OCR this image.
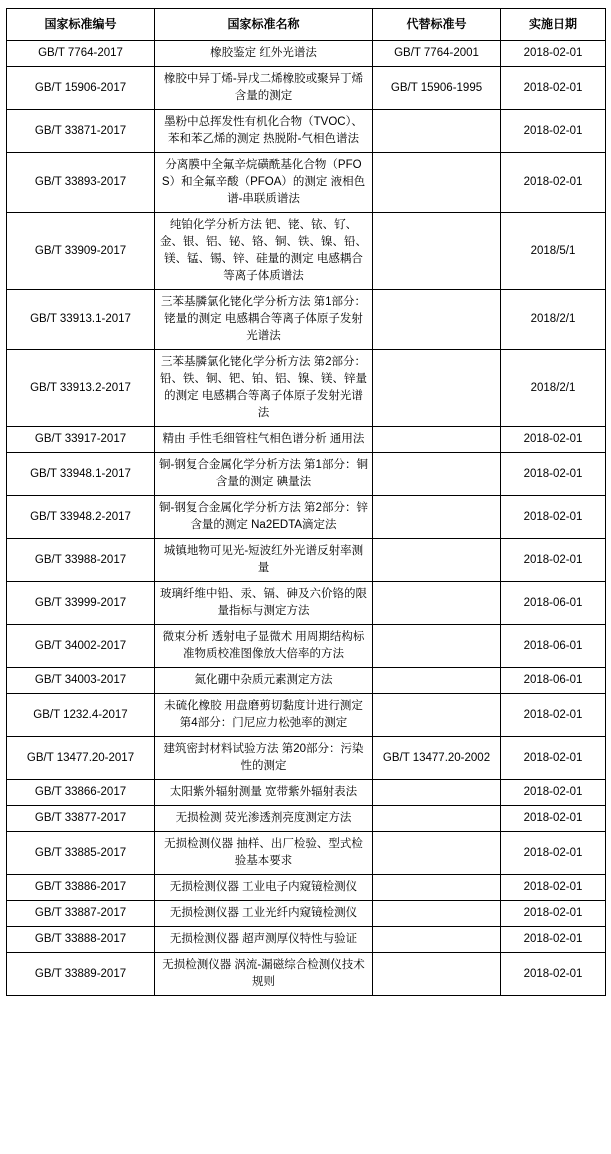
国家标准编号	国家标准名称	代替标准号	实施日期
GB/T 7764-2017	橡胶鉴定 红外光谱法	GB/T 7764-2001	2018-02-01
GB/T 15906-2017	橡胶中异丁烯-异戊二烯橡胶或聚异丁烯含量的测定	GB/T 15906-1995	2018-02-01
GB/T 33871-2017	墨粉中总挥发性有机化合物（TVOC）、苯和苯乙烯的测定 热脱附-气相色谱法		2018-02-01
GB/T 33893-2017	分离膜中全氟辛烷磺酰基化合物（PFOS）和全氟辛酸（PFOA）的测定 液相色谱-串联质谱法		2018-02-01
GB/T 33909-2017	纯铂化学分析方法 钯、铑、铱、钌、金、银、铝、铋、铬、铜、铁、镍、铅、镁、锰、锡、锌、硅量的测定 电感耦合等离子体质谱法		2018/5/1
GB/T 33913.1-2017	三苯基膦氯化铑化学分析方法 第1部分：铑量的测定 电感耦合等离子体原子发射光谱法		2018/2/1
GB/T 33913.2-2017	三苯基膦氯化铑化学分析方法 第2部分：铅、铁、铜、钯、铂、铝、镍、镁、锌量的测定 电感耦合等离子体原子发射光谱法		2018/2/1
GB/T 33917-2017	精由 手性毛细管柱气相色谱分析 通用法		2018-02-01
GB/T 33948.1-2017	铜-钢复合金属化学分析方法 第1部分：铜含量的测定 碘量法		2018-02-01
GB/T 33948.2-2017	铜-钢复合金属化学分析方法 第2部分：锌含量的测定 Na2EDTA滴定法		2018-02-01
GB/T 33988-2017	城镇地物可见光-短波红外光谱反射率测量		2018-02-01
GB/T 33999-2017	玻璃纤维中铅、汞、镉、砷及六价铬的限量指标与测定方法		2018-06-01
GB/T 34002-2017	微束分析 透射电子显微术 用周期结构标准物质校准图像放大倍率的方法		2018-06-01
GB/T 34003-2017	氮化硼中杂质元素测定方法		2018-06-01
GB/T 1232.4-2017	未硫化橡胶 用盘磨剪切黏度计进行测定 第4部分：门尼应力松弛率的测定		2018-02-01
GB/T 13477.20-2017	建筑密封材料试验方法 第20部分：污染性的测定	GB/T 13477.20-2002	2018-02-01
GB/T 33866-2017	太阳紫外辐射测量 宽带紫外辐射表法		2018-02-01
GB/T 33877-2017	无损检测 荧光渗透剂亮度测定方法		2018-02-01
GB/T 33885-2017	无损检测仪器 抽样、出厂检验、型式检验基本要求		2018-02-01
GB/T 33886-2017	无损检测仪器 工业电子内窥镜检测仪		2018-02-01
GB/T 33887-2017	无损检测仪器 工业光纤内窥镜检测仪		2018-02-01
GB/T 33888-2017	无损检测仪器 超声测厚仪特性与验证		2018-02-01
GB/T 33889-2017	无损检测仪器 涡流-漏磁综合检测仪技术规则		2018-02-01
